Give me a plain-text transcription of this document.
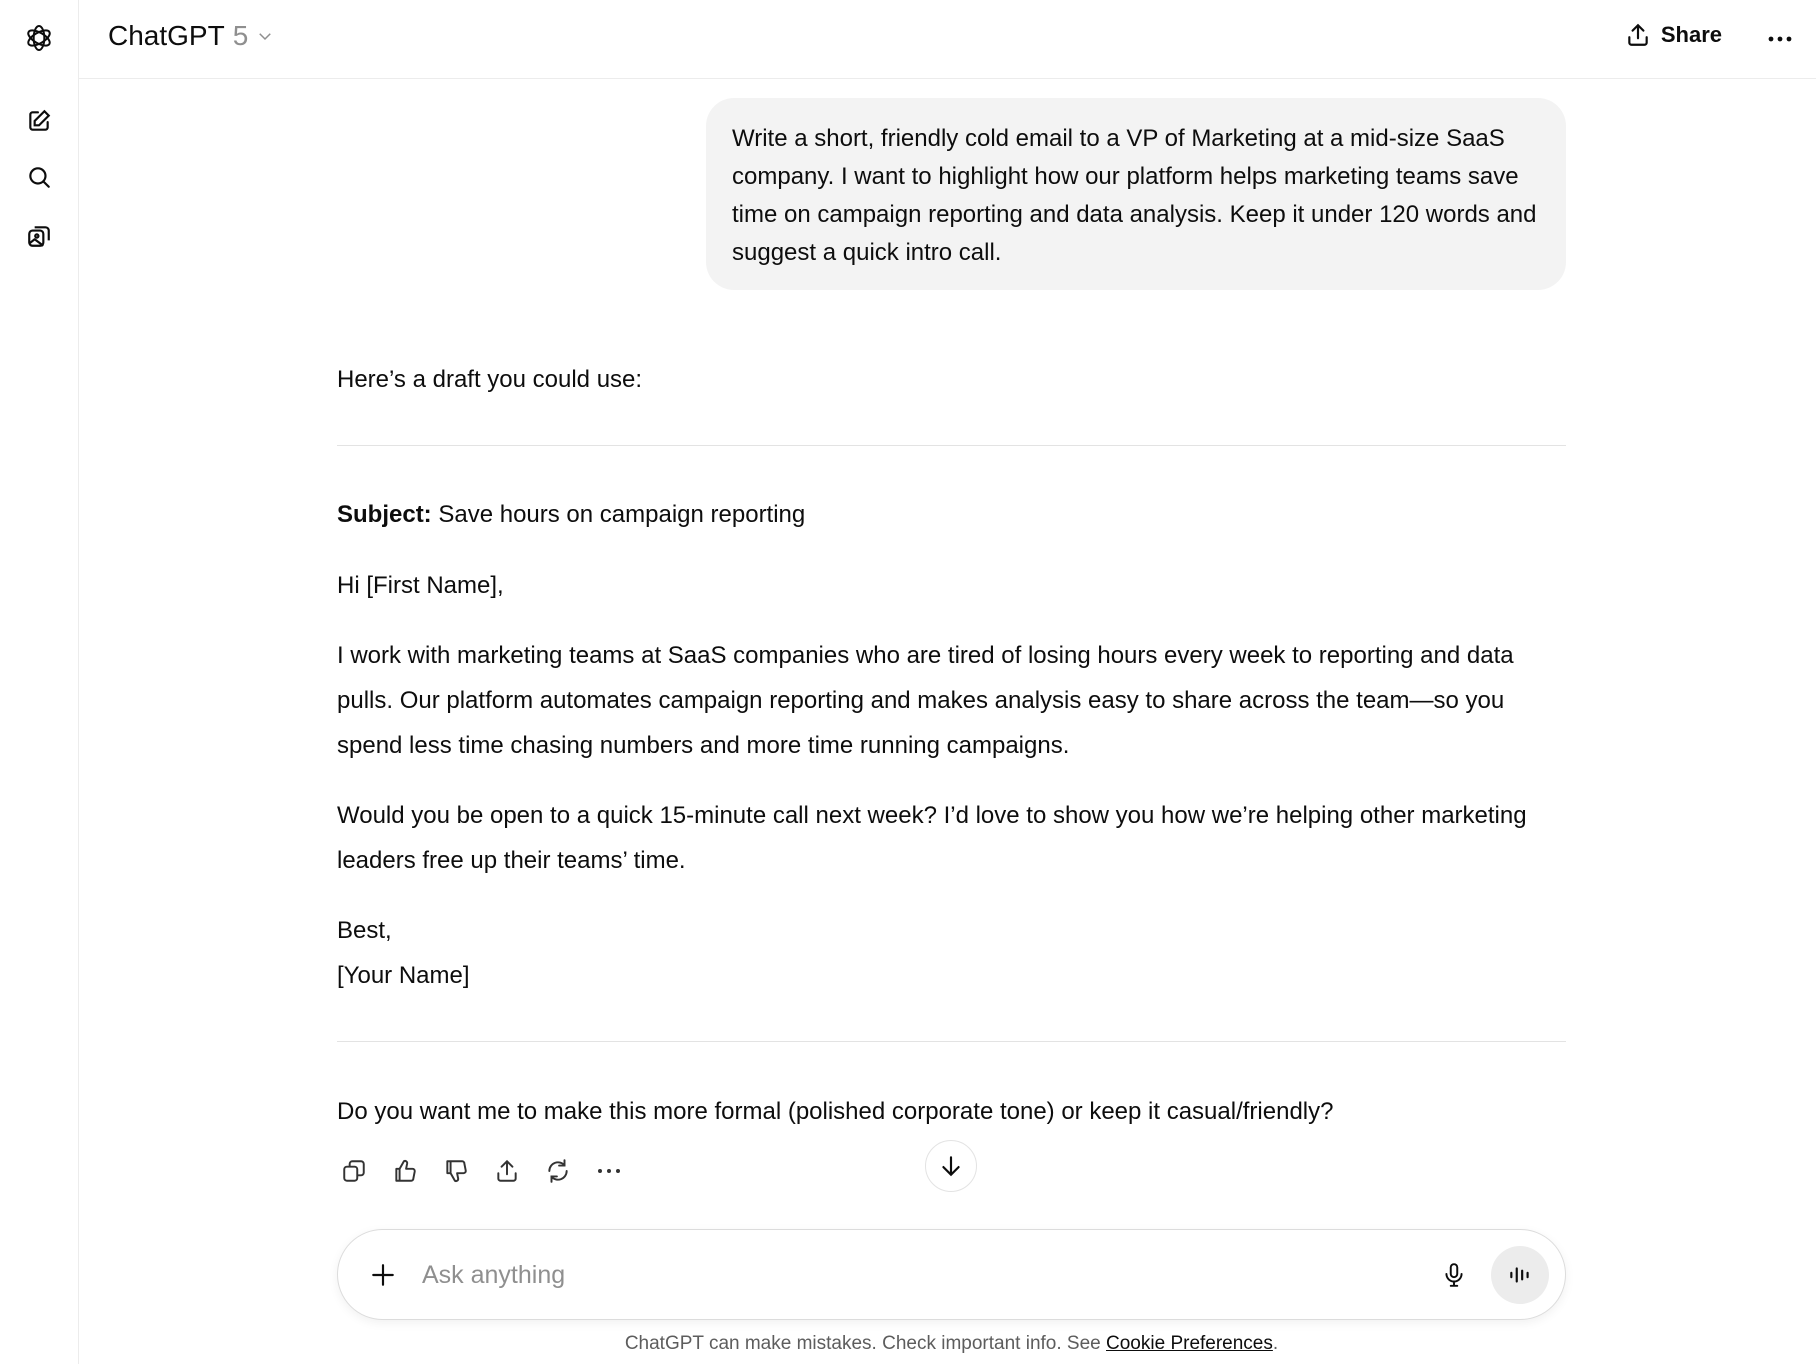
ChatGPT 5	Share
Write a short, friendly cold email to a VP of Marketing at a mid-size SaaS company. I want to highlight how our platform helps marketing teams save time on campaign reporting and data analysis. Keep it under 120 words and suggest a quick intro call.
Here’s a draft you could use:
Subject: Save hours on campaign reporting
Hi [First Name],
I work with marketing teams at SaaS companies who are tired of losing hours every week to reporting and data pulls. Our platform automates campaign reporting and makes analysis easy to share across the team—so you spend less time chasing numbers and more time running campaigns.
Would you be open to a quick 15-minute call next week? I’d love to show you how we’re helping other marketing leaders free up their teams’ time.
Best,
[Your Name]
Do you want me to make this more formal (polished corporate tone) or keep it casual/friendly?
Ask anything
ChatGPT can make mistakes. Check important info. See Cookie Preferences.
